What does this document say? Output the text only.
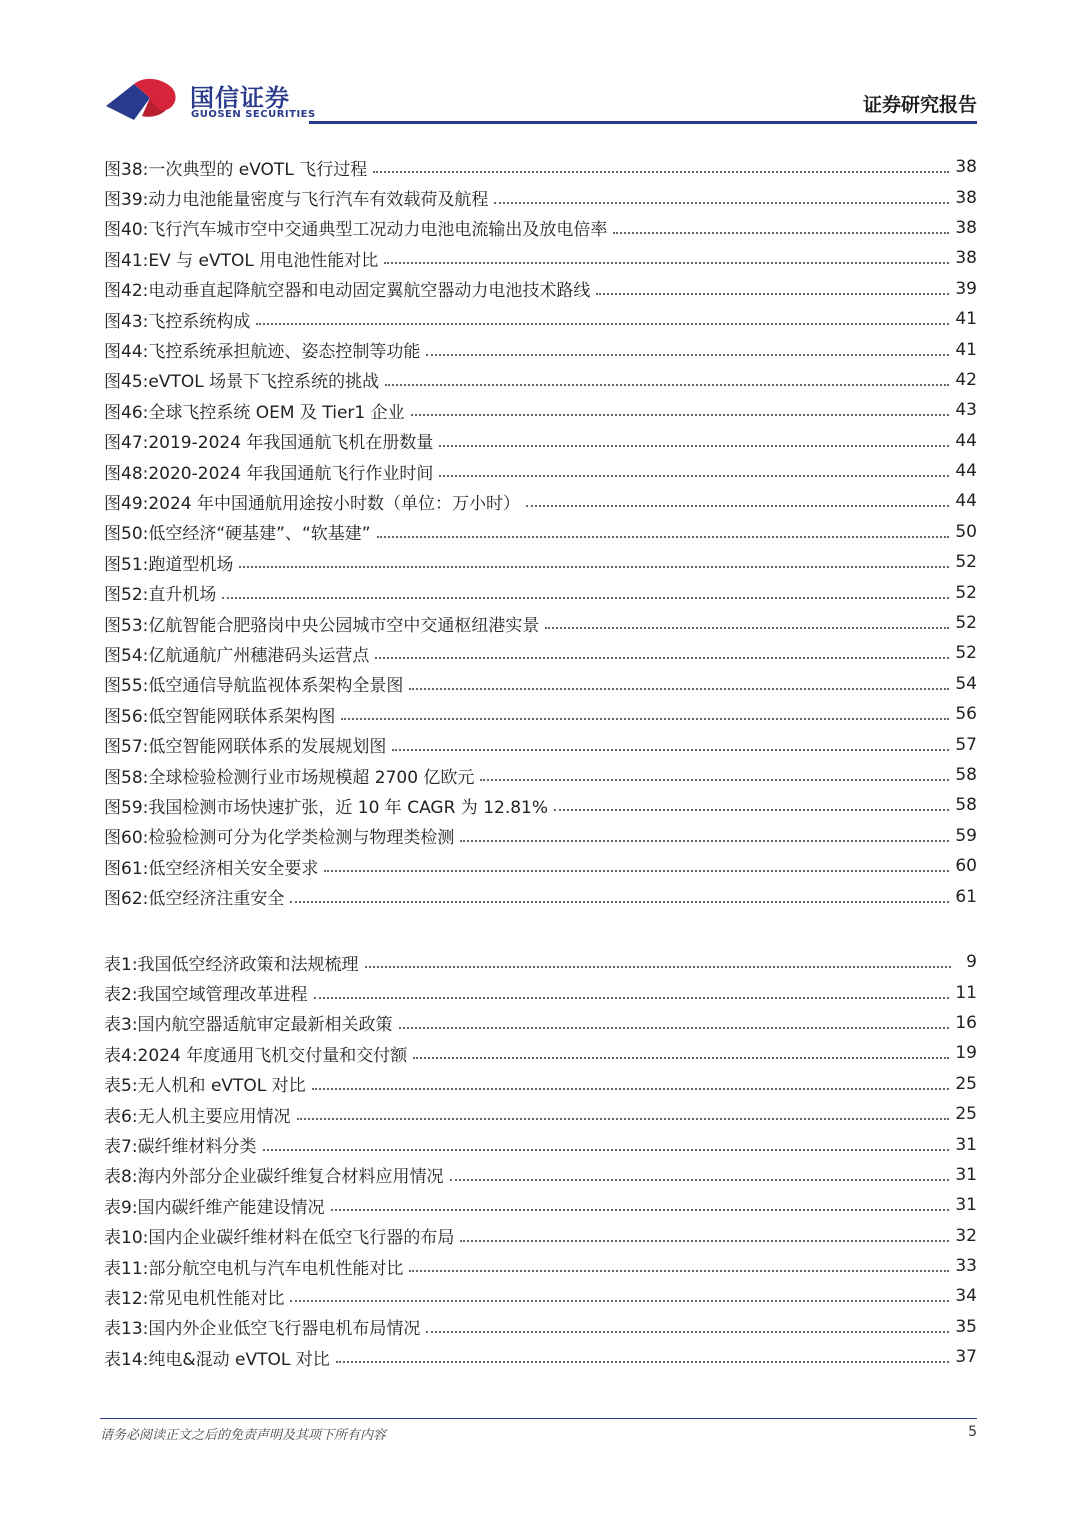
国信证券
GUOSEN SECURITIES	证券研究报告
图38: 一次典型的 eVOTL 飞行过程	38
图39: 动力电池能量密度与飞行汽车有效载荷及航程	38
图40: 飞行汽车城市空中交通典型工况动力电池电流输出及放电倍率	38
图41: EV 与 eVTOL 用电池性能对比	38
图42: 电动垂直起降航空器和电动固定翼航空器动力电池技术路线	39
图43: 飞控系统构成	41
图44: 飞控系统承担航迹、姿态控制等功能	41
图45: eVTOL 场景下飞控系统的挑战	42
图46: 全球飞控系统 OEM 及 Tier1 企业	43
图47: 2019-2024 年我国通航飞机在册数量	44
图48: 2020-2024 年我国通航飞行作业时间	44
图49: 2024 年中国通航用途按小时数（单位：万小时）	44
图50: 低空经济“硬基建”、“软基建”	50
图51: 跑道型机场	52
图52: 直升机场	52
图53: 亿航智能合肥骆岗中央公园城市空中交通枢纽港实景	52
图54: 亿航通航广州穗港码头运营点	52
图55: 低空通信导航监视体系架构全景图	54
图56: 低空智能网联体系架构图	56
图57: 低空智能网联体系的发展规划图	57
图58: 全球检验检测行业市场规模超 2700 亿欧元	58
图59: 我国检测市场快速扩张，近 10 年 CAGR 为 12.81%	58
图60: 检验检测可分为化学类检测与物理类检测	59
图61: 低空经济相关安全要求	60
图62: 低空经济注重安全	61
表1: 我国低空经济政策和法规梳理	9
表2: 我国空域管理改革进程	11
表3: 国内航空器适航审定最新相关政策	16
表4: 2024 年度通用飞机交付量和交付额	19
表5: 无人机和 eVTOL 对比	25
表6: 无人机主要应用情况	25
表7: 碳纤维材料分类	31
表8: 海内外部分企业碳纤维复合材料应用情况	31
表9: 国内碳纤维产能建设情况	31
表10: 国内企业碳纤维材料在低空飞行器的布局	32
表11: 部分航空电机与汽车电机性能对比	33
表12: 常见电机性能对比	34
表13: 国内外企业低空飞行器电机布局情况	35
表14: 纯电&混动 eVTOL 对比	37
请务必阅读正文之后的免责声明及其项下所有内容	5
